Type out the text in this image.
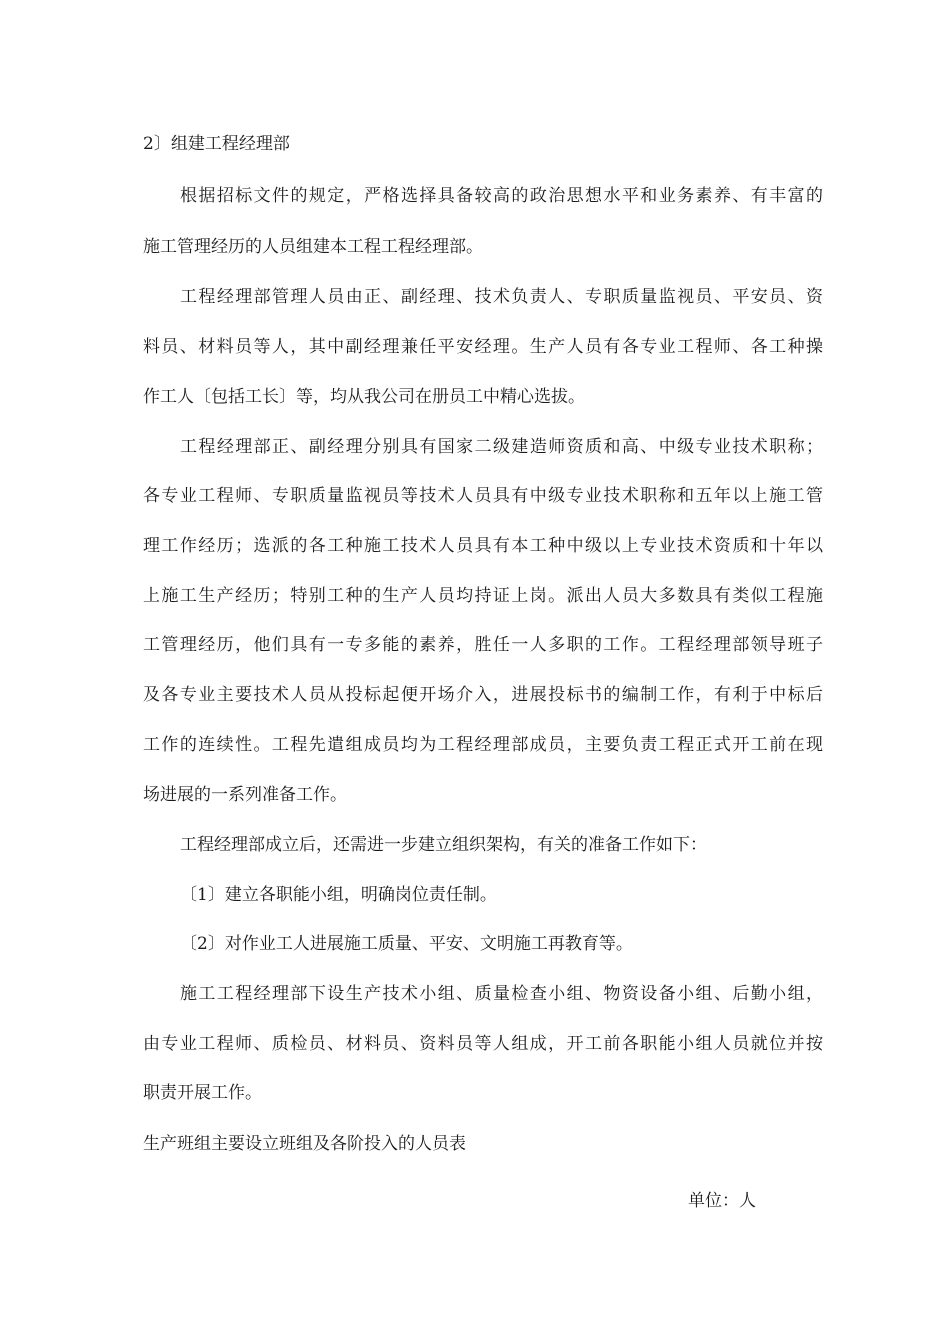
2〕组建工程经理部
根据招标文件的规定，严格选择具备较高的政治思想水平和业务素养、有丰富的
施工管理经历的人员组建本工程工程经理部。
工程经理部管理人员由正、副经理、技术负责人、专职质量监视员、平安员、资
料员、材料员等人，其中副经理兼任平安经理。生产人员有各专业工程师、各工种操
作工人〔包括工长〕等，均从我公司在册员工中精心选拔。
工程经理部正、副经理分别具有国家二级建造师资质和高、中级专业技术职称；
各专业工程师、专职质量监视员等技术人员具有中级专业技术职称和五年以上施工管
理工作经历；选派的各工种施工技术人员具有本工种中级以上专业技术资质和十年以
上施工生产经历；特别工种的生产人员均持证上岗。派出人员大多数具有类似工程施
工管理经历，他们具有一专多能的素养，胜任一人多职的工作。工程经理部领导班子
及各专业主要技术人员从投标起便开场介入，进展投标书的编制工作，有利于中标后
工作的连续性。工程先遣组成员均为工程经理部成员，主要负责工程正式开工前在现
场进展的一系列准备工作。
工程经理部成立后，还需进一步建立组织架构，有关的准备工作如下：
〔1〕建立各职能小组，明确岗位责任制。
〔2〕对作业工人进展施工质量、平安、文明施工再教育等。
施工工程经理部下设生产技术小组、质量检查小组、物资设备小组、后勤小组，
由专业工程师、质检员、材料员、资料员等人组成，开工前各职能小组人员就位并按
职责开展工作。
生产班组主要设立班组及各阶投入的人员表
单位：人
